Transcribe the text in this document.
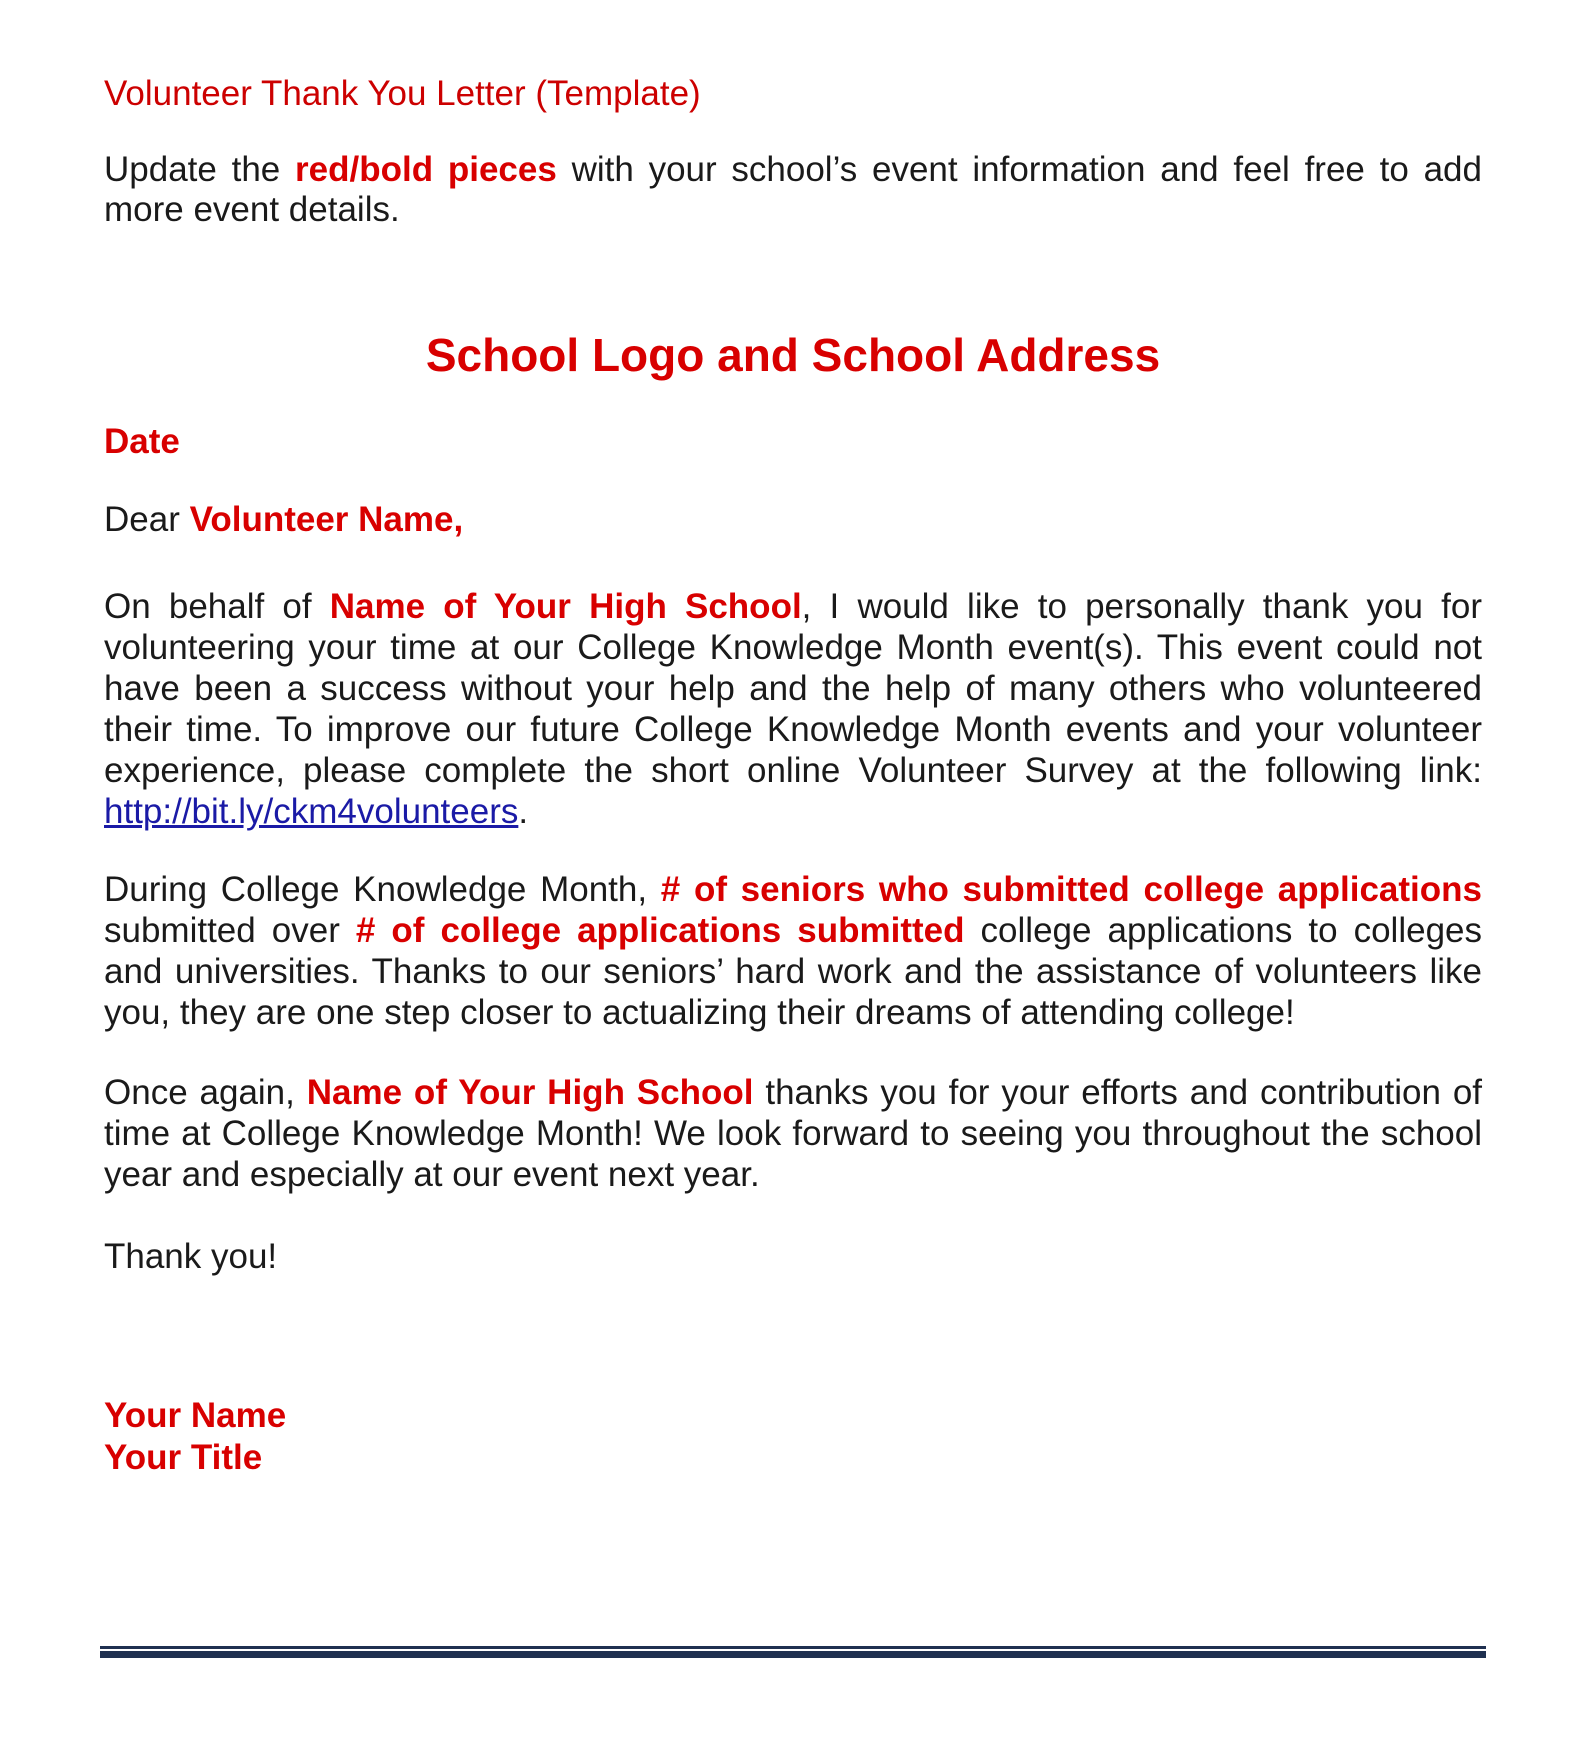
Volunteer Thank You Letter (Template)
Update the red/bold pieces with your school’s event information and feel free to add more event details.
School Logo and School Address
Date
Dear Volunteer Name,
On behalf of Name of Your High School, I would like to personally thank you for volunteering your time at our College Knowledge Month event(s). This event could not have been a success without your help and the help of many others who volunteered their time. To improve our future College Knowledge Month events and your volunteer experience, please complete the short online Volunteer Survey at the following link: http://bit.ly/ckm4volunteers.
During College Knowledge Month, # of seniors who submitted college applications submitted over # of college applications submitted college applications to colleges and universities. Thanks to our seniors’ hard work and the assistance of volunteers like you, they are one step closer to actualizing their dreams of attending college!
Once again, Name of Your High School thanks you for your efforts and contribution of time at College Knowledge Month! We look forward to seeing you throughout the school year and especially at our event next year.
Thank you!
Your Name
Your Title
